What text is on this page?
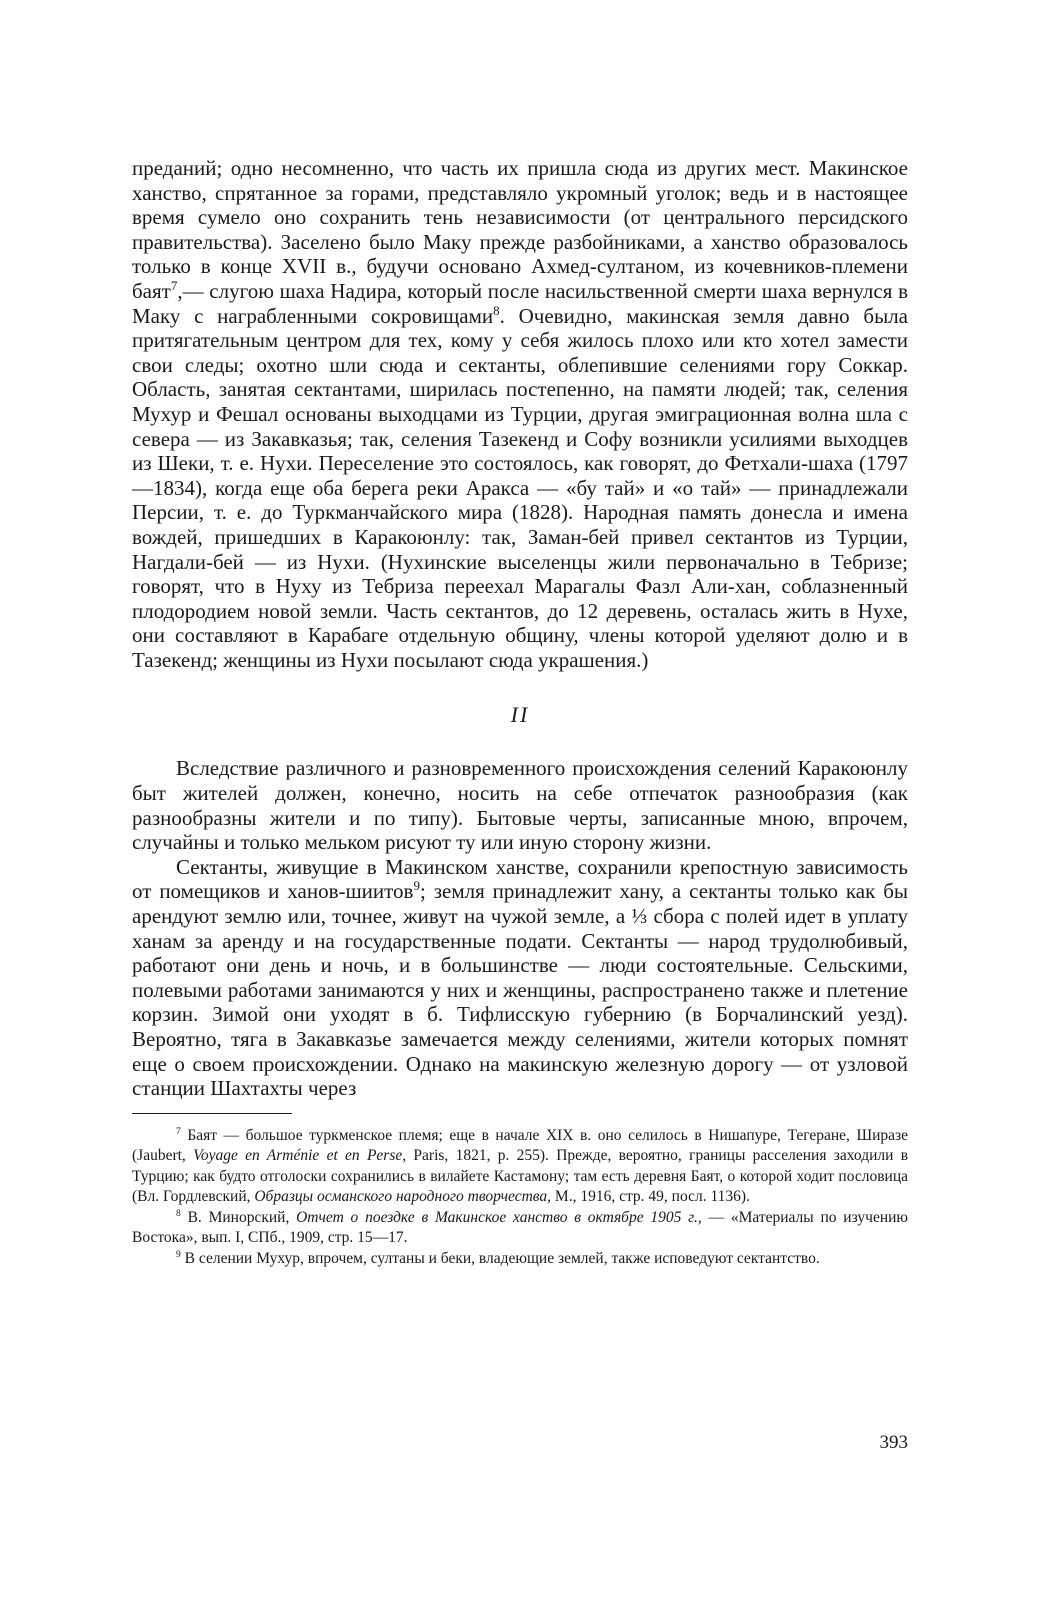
преданий; одно несомненно, что часть их пришла сюда из других мест. Макинское ханство, спрятанное за горами, представляло укромный уголок; ведь и в настоящее время сумело оно сохранить тень независимости (от центрального персидского правительства). Заселено было Маку прежде разбойниками, а ханство образовалось только в конце XVII в., будучи основано Ахмед-султаном, из кочевников-племени баят$^7$,— слугою шаха Надира, который после насильственной смерти шаха вернулся в Маку с награбленными сокровищами$^8$. Очевидно, макинская земля давно была притягательным центром для тех, кому у себя жилось плохо или кто хотел замести свои следы; охотно шли сюда и сектанты, облепившие селениями гору Соккар. Область, занятая сектантами, ширилась постепенно, на памяти людей; так, селения Мухур и Фешал основаны выходцами из Турции, другая эмиграционная волна шла с севера — из Закавказья; так, селения Тазекенд и Софу возникли усилиями выходцев из Шеки, т. е. Нухи. Переселение это состоялось, как говорят, до Фетхали-шаха (1797—1834), когда еще оба берега реки Аракса — «бу тай» и «о тай» — принадлежали Персии, т. е. до Туркманчайского мира (1828). Народная память донесла и имена вождей, пришедших в Каракоюнлу: так, Заман-бей привел сектантов из Турции, Нагдали-бей — из Нухи. (Нухинские выселенцы жили первоначально в Тебризе; говорят, что в Нуху из Тебриза переехал Марагалы Фазл Али-хан, соблазненный плодородием новой земли. Часть сектантов, до 12 деревень, осталась жить в Нухе, они составляют в Карабаге отдельную общину, члены которой уделяют долю и в Тазекенд; женщины из Нухи посылают сюда украшения.)

II

Вследствие различного и разновременного происхождения селений Каракоюнлу быт жителей должен, конечно, носить на себе отпечаток разнообразия (как разнообразны жители и по типу). Бытовые черты, записанные мною, впрочем, случайны и только мельком рисуют ту или иную сторону жизни.

Сектанты, живущие в Макинском ханстве, сохранили крепостную зависимость от помещиков и ханов-шиитов$^9$; земля принадлежит хану, а сектанты только как бы арендуют землю или, точнее, живут на чужой земле, а ⅓ сбора с полей идет в уплату ханам за аренду и на государственные подати. Сектанты — народ трудолюбивый, работают они день и ночь, и в большинстве — люди состоятельные. Сельскими, полевыми работами занимаются у них и женщины, распространено также и плетение корзин. Зимой они уходят в б. Тифлисскую губернию (в Борчалинский уезд). Вероятно, тяга в Закавказье замечается между селениями, жители которых помнят еще о своем происхождении. Однако на макинскую железную дорогу — от узловой станции Шахтахты через

$^7$ Баят — большое туркменское племя; еще в начале XIX в. оно селилось в Нишапуре, Тегеране, Ширазе (Jaubert, Voyage en Arménie et en Perse, Paris, 1821, p. 255). Прежде, вероятно, границы расселения заходили в Турцию; как будто отголоски сохранились в вилайете Кастамону; там есть деревня Баят, о которой ходит пословица (Вл. Гордлевский, Образцы османского народного творчества, М., 1916, стр. 49, посл. 1136).

$^8$ В. Минорский, Отчет о поездке в Макинское ханство в октябре 1905 г., — «Материалы по изучению Востока», вып. I, СПб., 1909, стр. 15—17.

$^9$ В селении Мухур, впрочем, султаны и беки, владеющие землей, также исповедуют сектантство.

393
